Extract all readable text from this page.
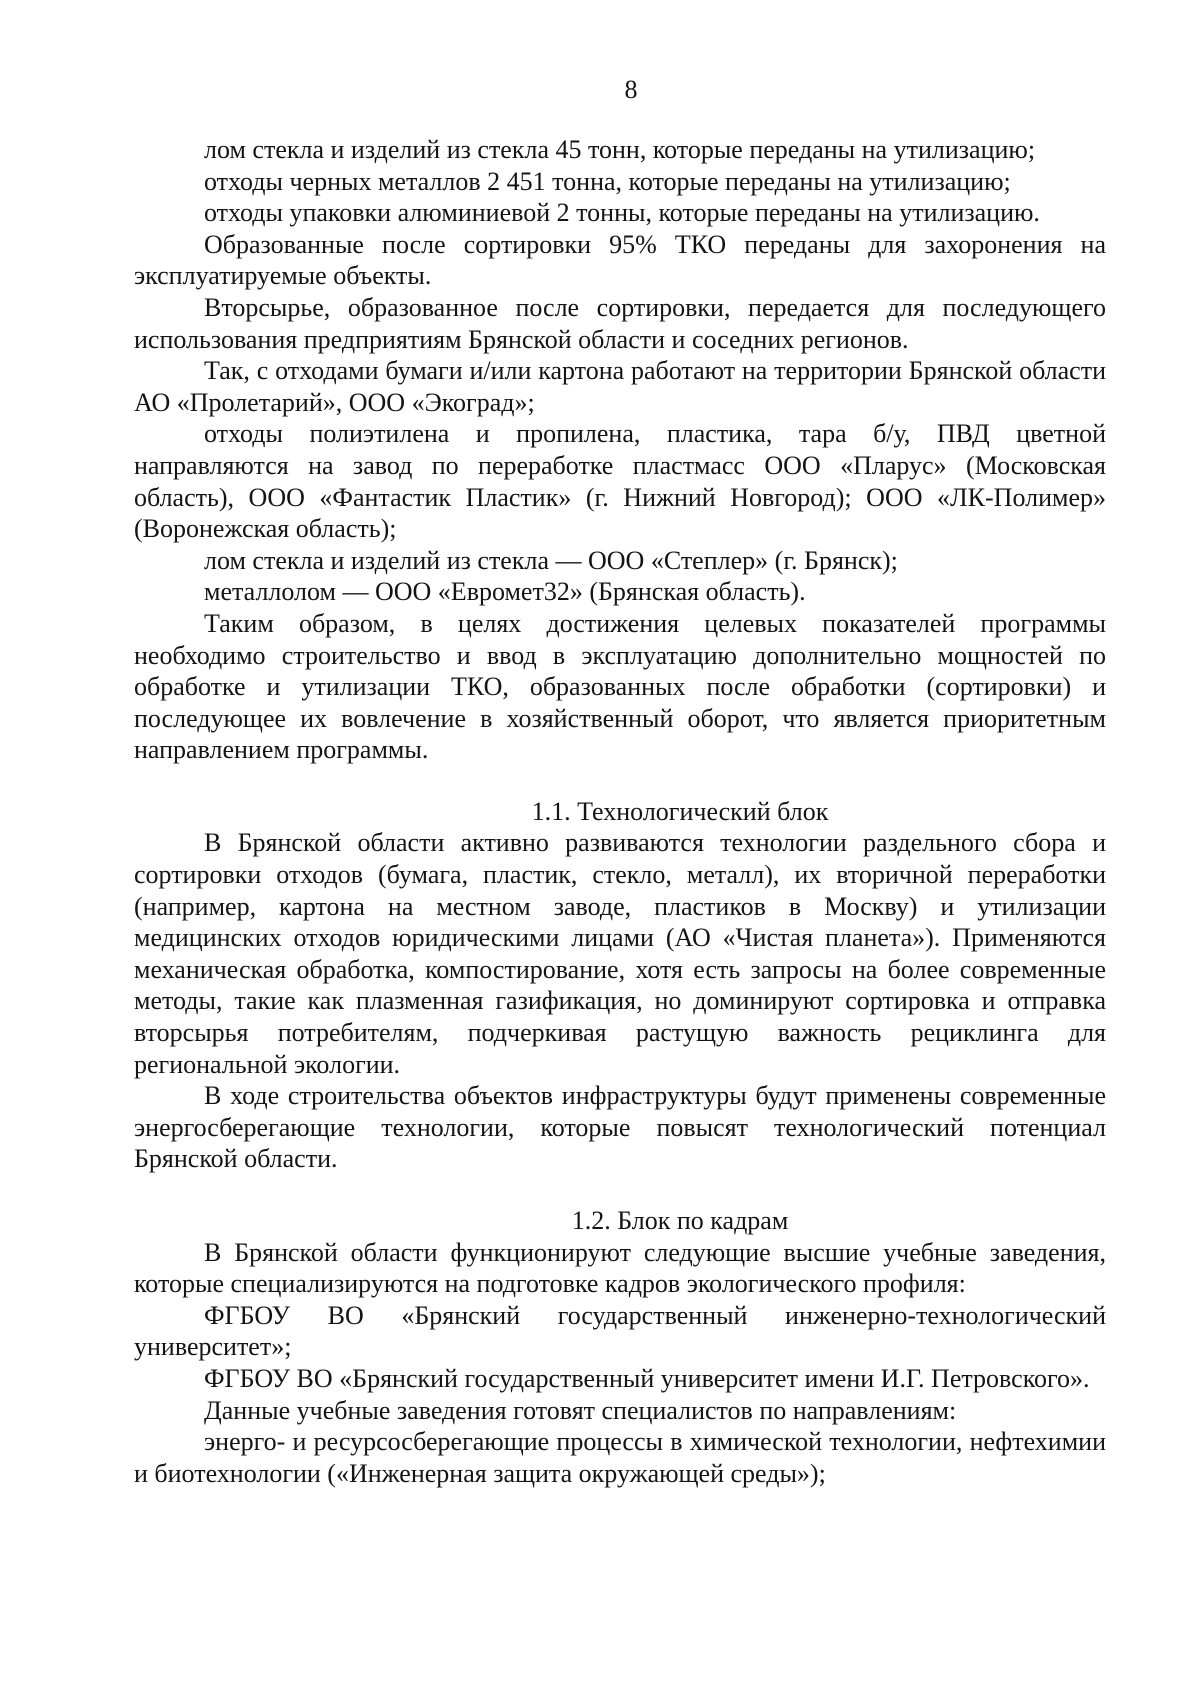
8

лом стекла и изделий из стекла 45 тонн, которые переданы на утилизацию;

отходы черных металлов 2 451 тонна, которые переданы на утилизацию;

отходы упаковки алюминиевой 2 тонны, которые переданы на утилизацию.

Образованные после сортировки 95% ТКО переданы для захоронения на эксплуатируемые объекты.

Вторсырье, образованное после сортировки, передается для последующего использования предприятиям Брянской области и соседних регионов.

Так, с отходами бумаги и/или картона работают на территории Брянской области АО «Пролетарий», ООО «Экоград»;

отходы полиэтилена и пропилена, пластика, тара б/у, ПВД цветной направляются на завод по переработке пластмасс ООО «Пларус» (Московская область), ООО «Фантастик Пластик» (г. Нижний Новгород); ООО «ЛК-Полимер» (Воронежская область);

лом стекла и изделий из стекла — ООО «Степлер» (г. Брянск);

металлолом — ООО «Евромет32» (Брянская область).

Таким образом, в целях достижения целевых показателей программы необходимо строительство и ввод в эксплуатацию дополнительно мощностей по обработке и утилизации ТКО, образованных после обработки (сортировки) и последующее их вовлечение в хозяйственный оборот, что является приоритетным направлением программы.

1.1. Технологический блок

В Брянской области активно развиваются технологии раздельного сбора и сортировки отходов (бумага, пластик, стекло, металл), их вторичной переработки (например, картона на местном заводе, пластиков в Москву) и утилизации медицинских отходов юридическими лицами (АО «Чистая планета»). Применяются механическая обработка, компостирование, хотя есть запросы на более современные методы, такие как плазменная газификация, но доминируют сортировка и отправка вторсырья потребителям, подчеркивая растущую важность рециклинга для региональной экологии.

В ходе строительства объектов инфраструктуры будут применены современные энергосберегающие технологии, которые повысят технологический потенциал Брянской области.

1.2. Блок по кадрам

В Брянской области функционируют следующие высшие учебные заведения, которые специализируются на подготовке кадров экологического профиля:

ФГБОУ ВО «Брянский государственный инженерно-технологический университет»;

ФГБОУ ВО «Брянский государственный университет имени И.Г. Петровского».

Данные учебные заведения готовят специалистов по направлениям:

энерго- и ресурсосберегающие процессы в химической технологии, нефтехимии и биотехнологии («Инженерная защита окружающей среды»);
